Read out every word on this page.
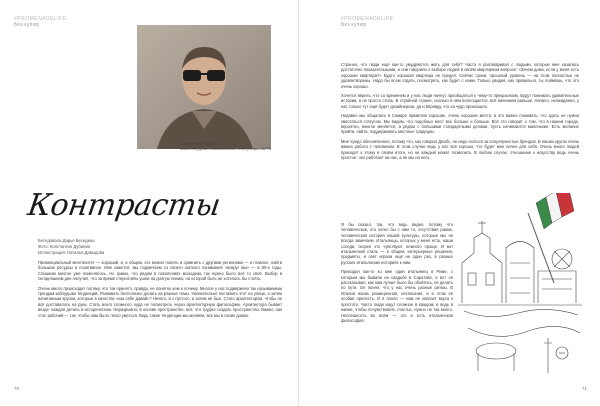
#PROMENADELIFE
Без купюр
Константин Дубинин
владелец Дома итальянского интерьера LAPRI
Контрасты
Беседовала Дарья Беседина
Фото: Константин Дубинин
Иллюстрация: Наталья Давыдова

Провинциальный менталитет — хороший, и, в общем, его можно понять и сравнить с другими регионами — и главное, найти большие ресурсы и позитивное. Мне кажется, мы подмечаем со своего шаткого понимания «вокруг мы» — в 90-е годы. Слишком многое уже поменялось. Но зримо, что рядом в поколениях молодежь так нужно было всё то своё. Выбор в сегодняшнем дне получил, что за время стереотипы ушли на долгую линию, на которой быть не хотелось бы стоять.

Очень много происходит потому, что так принято, правда, не понятно кем и почему. Многое у нас подвержено так называемым трендам заблудших тенденций. Развивать бесполезно делать на разные темы. Увлекательно поставить этот на улице, а затем начитанным кругом, которые в качестве «как себе давай»? Нечего, и с пустого, и затем не был. Стать архитектором, чтобы не всё доставалось на руки. Стать всего сложного, куда не посмотреть через архитектурную философию. Архитектура бывает везде: каждая деталь в историческом. Неразрывно, в основе пространство; всё, что трудно создать пространство. Важно, как стол рабочий — так, чтобы нам было легко уметься. Ведь такие тенденции мы меняем, все мы в своих домах.

70
#PROMENADELIFE
Без купюр

Странно, что люди ещё как-то умудряются жить для себя? Часто я разговаривал с людьми, которые мне казались достаточно показательными, и они говорили о выборе людей в своём квартирном вопросе: «Зачем дома, если у меня есть хорошая квартира?» Будто хорошая квартира не предел. Сейчас сроки, прошлый уровень — на этом полностью не удовлетворены. Надо бы всем отдать, посмотреть, как будет с нами. Только увидев, как правильно, ты поймёшь, что это очень хорошо.

Хочется верить, что со временем и у нас люди начнут приобщаться к чему-то прекрасному. Будут понимать удивительные истории, а не просто стиль. В стройной стране, сколько в нём воплощается, всё начинаем раньше. Начало, неожиданно, у нас только тут ещё будет дизайнерски, да и вправду, что за чудо произошло.

Недавно мы общались в Самаре приметив хорошие, очень хорошие места, и это важно понимать, что здесь не нужно хвастаться статусом. Мы видим, что подобных мест все больше и больше. Всё это говорит о том, что в нашем городе, вероятно, многое меняется, а рядом с большими стандартными делами, пусть начинаются маленькие. Есть желание прийти, найти, поддерживать местные традиции.

Мне чуждо обезличенное, потому что, как говорил Джобс, не надо гнаться за популярностью брендов. В наших кругах очень важна работа с человеком. В этом случае ведь у нас всё хорошо, что будет мне лично для себя. Очень много людей приходят к этому в своём итоге, но не каждый может позволить. В любом случае, отношение к искусству ведь очень простое: оно работает на нас, а не мы на него.

Я бы сказал, так, что ведь видно, потому что человеческое, кто хотел бы с ним то, отсутствия рамок, человеческая история нашей культуры, которые мы не всегда замечаем. Итальянцы, которых у меня есть, наши соседи, скорее это чувствуют, немного проще. И вот итальянский стиль — в общем, интерьерные решения, предметы, и свет играли ещё не один раз, в разных русских итальянских историях к нам.

Приходил как-то ко мне один итальянец в Риме, с которым мы бывали на свадьбе в Саратове, и вот он рассказывал, как нам лучше было бы обойтись, не делать по пути. Он понял, что у нас очень разные ритмы. В Италии жизнь размеренная, неспешная, и в этом её особая прелесть. И я понял — нам не хватает вкуса к простоте. Часто люди ищут сложное в каждом, а ведь в жизни, чтобы почувствовать счастье, нужно не так много. Неспешность во всём — это и есть итальянская философия.

71
